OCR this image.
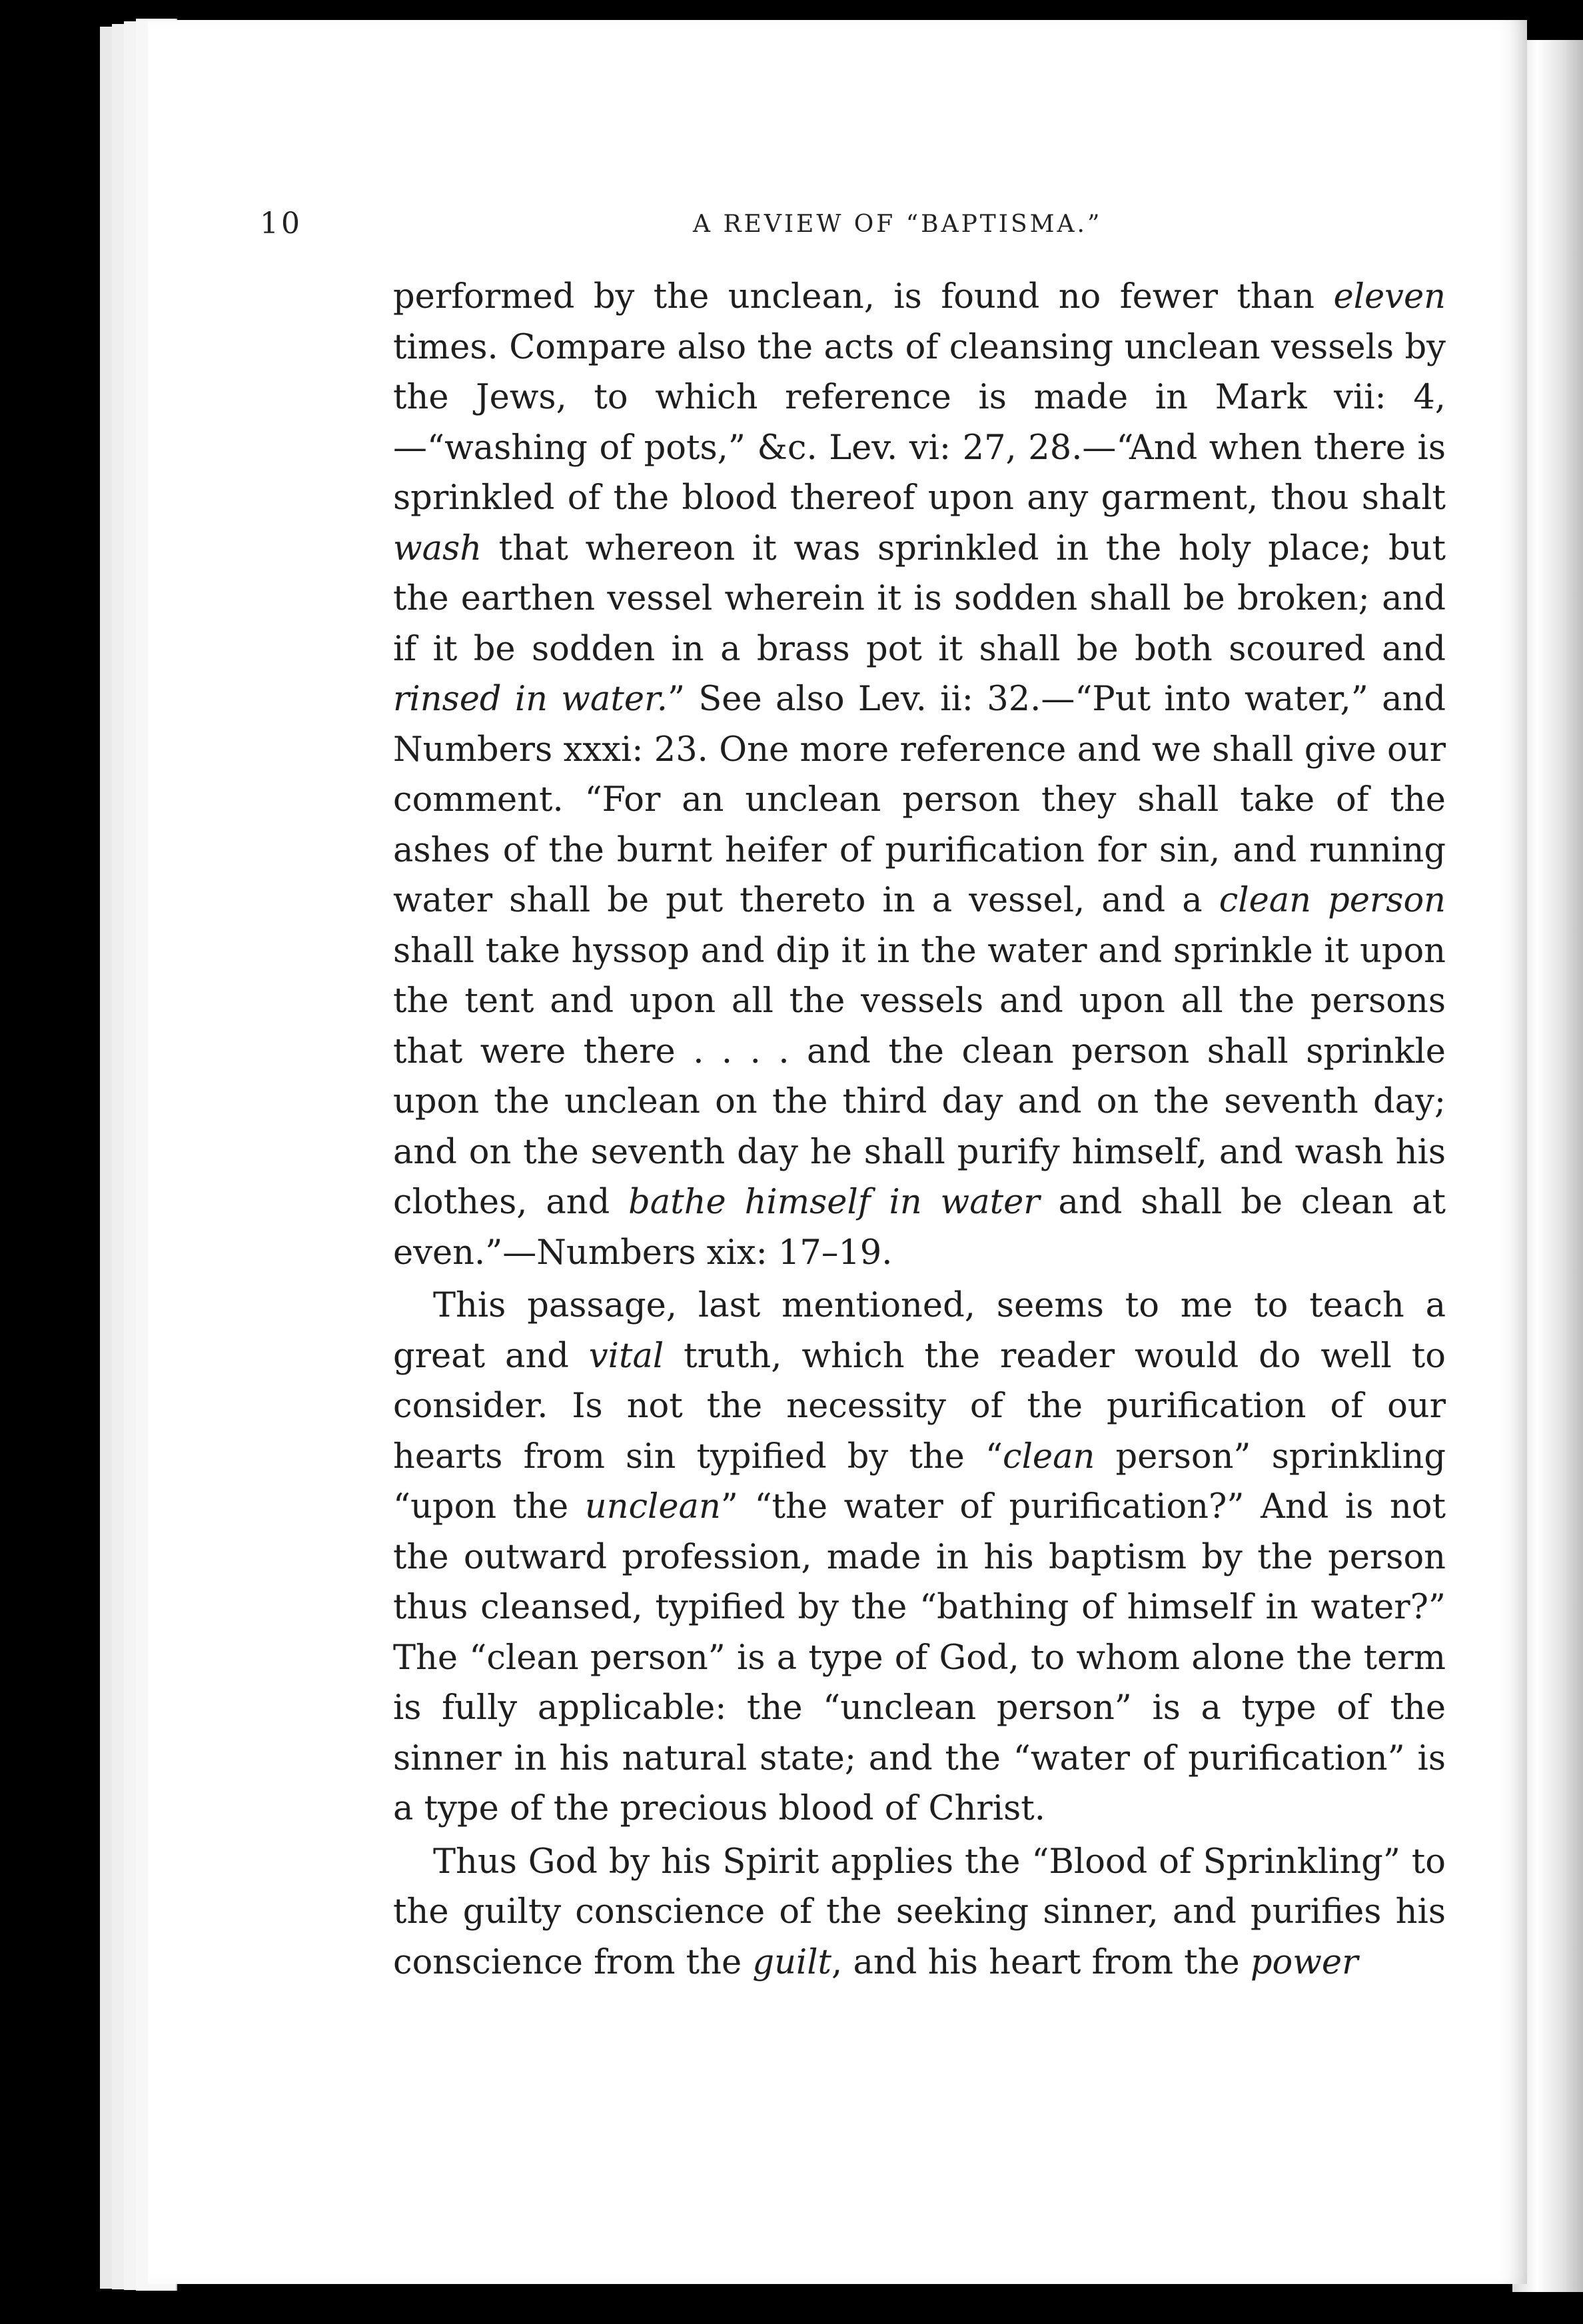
10	A REVIEW OF “BAPTISMA.”

performed by the unclean, is found no fewer than eleven times. Compare also the acts of cleansing unclean vessels by the Jews, to which reference is made in Mark vii: 4, —“washing of pots,” &c. Lev. vi: 27, 28.—“And when there is sprinkled of the blood thereof upon any garment, thou shalt wash that whereon it was sprinkled in the holy place; but the earthen vessel wherein it is sodden shall be broken; and if it be sodden in a brass pot it shall be both scoured and rinsed in water.” See also Lev. ii: 32.—“Put into water,” and Numbers xxxi: 23. One more reference and we shall give our comment. “For an unclean person they shall take of the ashes of the burnt heifer of purification for sin, and running water shall be put thereto in a vessel, and a clean person shall take hyssop and dip it in the water and sprinkle it upon the tent and upon all the vessels and upon all the persons that were there . . . . and the clean person shall sprinkle upon the unclean on the third day and on the seventh day; and on the seventh day he shall purify himself, and wash his clothes, and bathe himself in water and shall be clean at even.”—Numbers xix: 17–19.

This passage, last mentioned, seems to me to teach a great and vital truth, which the reader would do well to consider. Is not the necessity of the purification of our hearts from sin typified by the “clean person” sprinkling “upon the unclean” “the water of purification?” And is not the outward profession, made in his baptism by the person thus cleansed, typified by the “bathing of himself in water?” The “clean person” is a type of God, to whom alone the term is fully applicable: the “unclean person” is a type of the sinner in his natural state; and the “water of purification” is a type of the precious blood of Christ.

Thus God by his Spirit applies the “Blood of Sprinkling” to the guilty conscience of the seeking sinner, and purifies his conscience from the guilt, and his heart from the power
